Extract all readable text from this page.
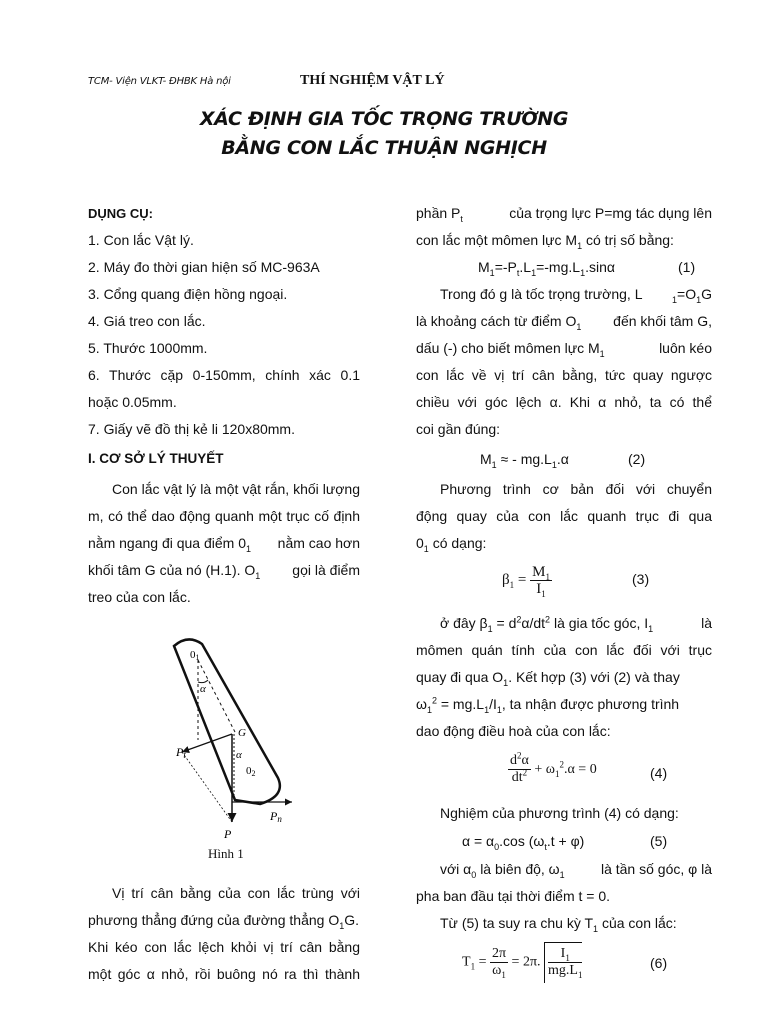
TCM- Viện VLKT- ĐHBK Hà nội	THÍ NGHIỆM VẬT LÝ
XÁC ĐỊNH GIA TỐC TRỌNG TRƯỜNG
BẰNG CON LẮC THUẬN NGHỊCH
DỤNG CỤ:
1. Con lắc Vật lý.
2. Máy đo thời gian hiện số MC-963A
3. Cổng quang điện hồng ngoại.
4. Giá treo con lắc.
5. Thước 1000mm.
6. Thước cặp 0-150mm, chính xác 0.1
hoặc 0.05mm.
7. Giấy vẽ đồ thị kẻ li 120x80mm.
I. CƠ SỞ LÝ THUYẾT
Con lắc vật lý là một vật rắn, khối lượng
m, có thể dao động quanh một trục cố định
nằm ngang đi qua điểm $0_1$ nằm cao hơn
khối tâm G của nó (H.1). $O_1$ gọi là điểm
treo của con lắc.
Vị trí cân bằng của con lắc trùng với
phương thẳng đứng của đường thẳng $O_1G$.
Khi kéo con lắc lệch khỏi vị trí cân bằng
một góc α nhỏ, rồi buông nó ra thì thành
01
α
G
α
02
Pt
Pn
P
Hình 1
phần $P_t$	của trọng lực P=mg tác dụng lên
con lắc một mômen lực $M_1$ có trị số bằng:
$M_1=-P_t.L_1=-mg.L_1.\sin\alpha$	(1)
Trong đó g là tốc trọng trường, L	$_1=O_1G$
là khoảng cách từ điểm $O_1$ đến khối tâm G,
dấu (-) cho biết mômen lực $M_1$	luôn kéo
con lắc về vị trí cân bằng, tức quay ngược
chiều với góc lệch α. Khi α nhỏ, ta có thể
coi gần đúng:
$M_1$ ≈ - $mg.L_1.\alpha$	(2)
Phương trình cơ bản đối với chuyển
động quay của con lắc quanh trục đi qua
$0_1$ có dạng:
$\beta_1 = \frac{M_1}{I_1}$	(3)
ở đây $\beta_1 = d^2\alpha/dt^2$ là gia tốc góc, $I_1$	là
mômen quán tính của con lắc đối với trục
quay đi qua $O_1$. Kết hợp (3) với (2) và thay
$\omega_1^2 = mg.L_1/I_1$, ta nhận được phương trình
dao động điều hoà của con lắc:
$\frac{d^2\alpha}{dt^2} + \omega_1^2.\alpha = 0$	(4)
Nghiệm của phương trình (4) có dạng:
$\alpha = \alpha_0.\cos$ $(\omega_t.t + \varphi)$	(5)
với $\alpha_0$ là biên độ, $\omega_1$	là tần số góc, φ là
pha ban đầu tại thời điểm t = 0.
Từ (5) ta suy ra chu kỳ $T_1$ của con lắc:
$T_1 = \frac{2\pi}{\omega_1} = 2\pi$. $\frac{I_1}{mg.L_1}$	(6)
